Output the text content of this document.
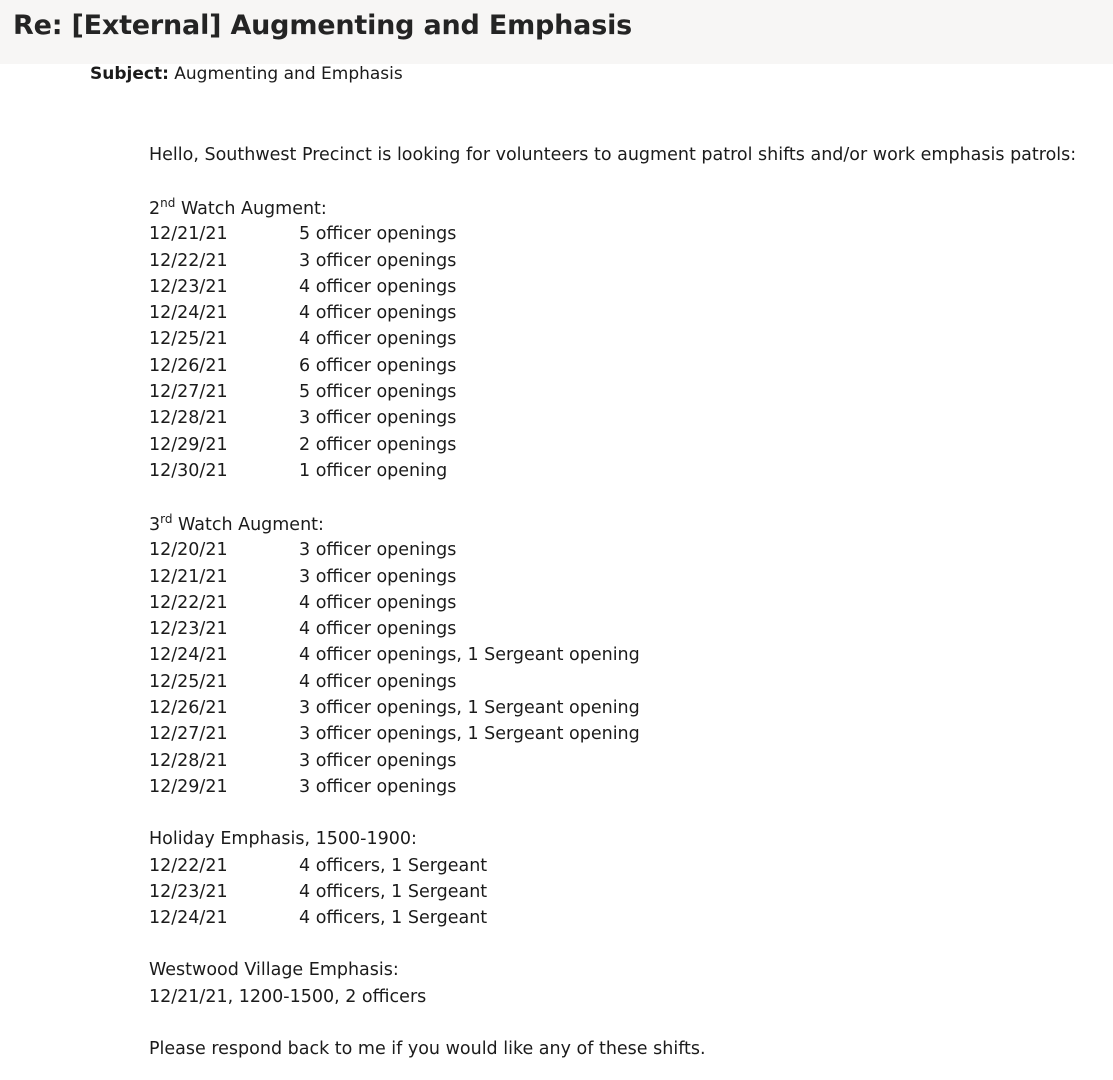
Re: [External] Augmenting and Emphasis
Subject: Augmenting and Emphasis
Hello, Southwest Precinct is looking for volunteers to augment patrol shifts and/or work emphasis patrols:
2nd Watch Augment:
12/21/21	5 officer openings
12/22/21	3 officer openings
12/23/21	4 officer openings
12/24/21	4 officer openings
12/25/21	4 officer openings
12/26/21	6 officer openings
12/27/21	5 officer openings
12/28/21	3 officer openings
12/29/21	2 officer openings
12/30/21	1 officer opening
3rd Watch Augment:
12/20/21	3 officer openings
12/21/21	3 officer openings
12/22/21	4 officer openings
12/23/21	4 officer openings
12/24/21	4 officer openings, 1 Sergeant opening
12/25/21	4 officer openings
12/26/21	3 officer openings, 1 Sergeant opening
12/27/21	3 officer openings, 1 Sergeant opening
12/28/21	3 officer openings
12/29/21	3 officer openings
Holiday Emphasis, 1500-1900:
12/22/21	4 officers, 1 Sergeant
12/23/21	4 officers, 1 Sergeant
12/24/21	4 officers, 1 Sergeant
Westwood Village Emphasis:
12/21/21, 1200-1500, 2 officers
Please respond back to me if you would like any of these shifts.
